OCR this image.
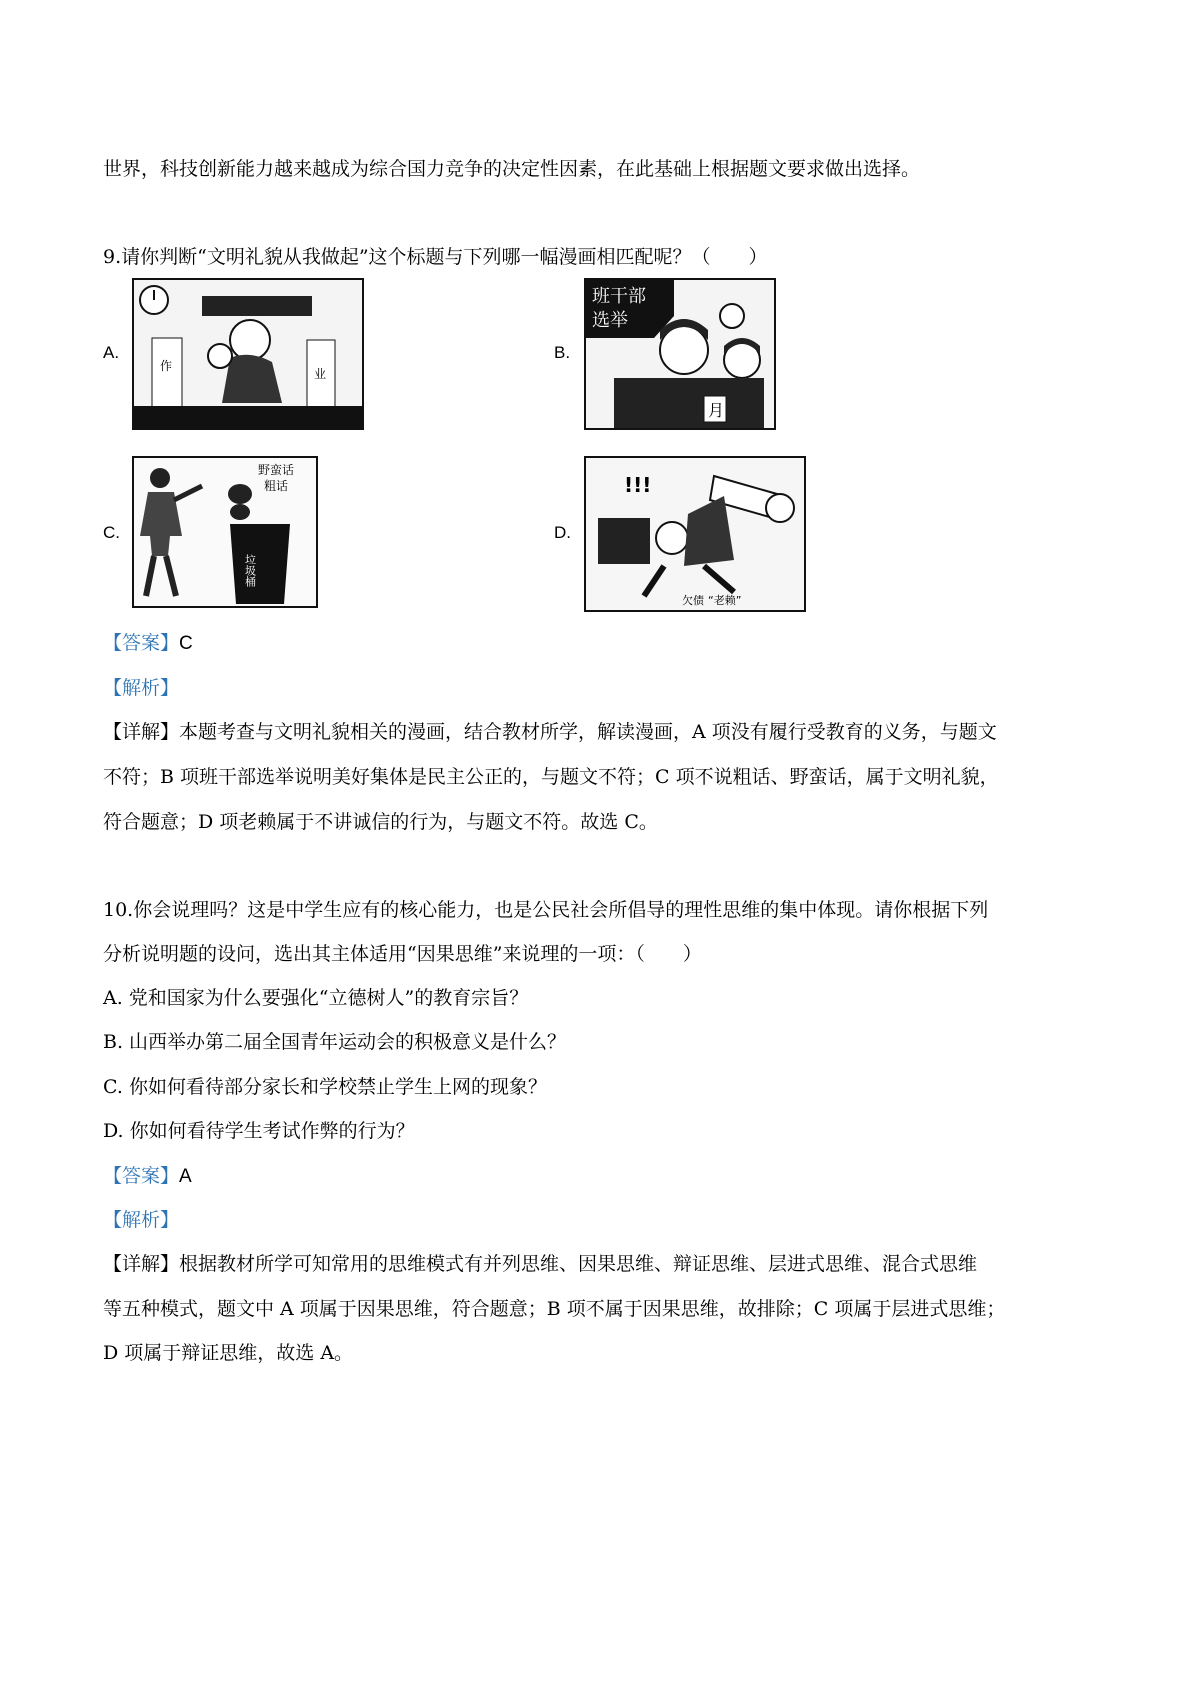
世界，科技创新能力越来越成为综合国力竞争的决定性因素，在此基础上根据题文要求做出选择。
9.请你判断“文明礼貌从我做起”这个标题与下列哪一幅漫画相匹配呢？（　　）
A.
作
业
B.
班干部
选举
月
C.
野蛮话
粗话
垃圾桶
D.
!!!
欠债 “老赖”
【答案】C
【解析】
【详解】本题考查与文明礼貌相关的漫画，结合教材所学，解读漫画，A 项没有履行受教育的义务，与题文
不符；B 项班干部选举说明美好集体是民主公正的，与题文不符；C 项不说粗话、野蛮话，属于文明礼貌，
符合题意；D 项老赖属于不讲诚信的行为，与题文不符。故选 C。
10.你会说理吗？这是中学生应有的核心能力，也是公民社会所倡导的理性思维的集中体现。请你根据下列
分析说明题的设问，选出其主体适用“因果思维”来说理的一项：（　　）
A. 党和国家为什么要强化“立德树人”的教育宗旨？
B. 山西举办第二届全国青年运动会的积极意义是什么？
C. 你如何看待部分家长和学校禁止学生上网的现象？
D. 你如何看待学生考试作弊的行为？
【答案】A
【解析】
【详解】根据教材所学可知常用的思维模式有并列思维、因果思维、辩证思维、层进式思维、混合式思维
等五种模式，题文中 A 项属于因果思维，符合题意；B 项不属于因果思维，故排除；C 项属于层进式思维；
D 项属于辩证思维，故选 A。
